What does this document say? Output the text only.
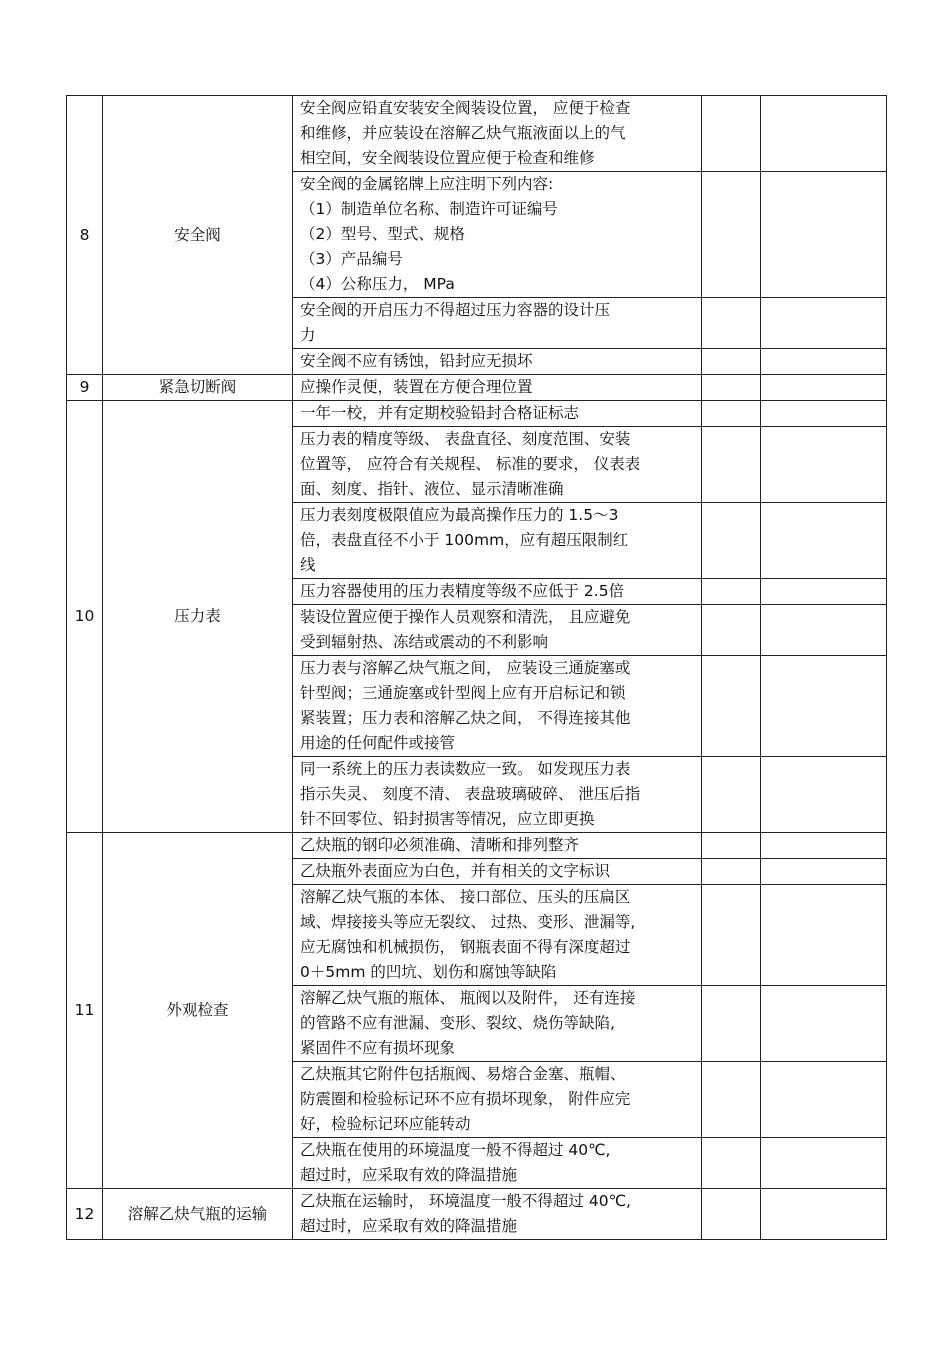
8	安全阀	安全阀应铅直安装安全阀装设位置， 应便于检查
和维修，并应装设在溶解乙炔气瓶液面以上的气
相空间，安全阀装设位置应便于检查和维修		

		安全阀的金属铭牌上应注明下列内容:
（1）制造单位名称、制造许可证编号
（2）型号、型式、规格
（3）产品编号
（4）公称压力， MPa		

		安全阀的开启压力不得超过压力容器的设计压
力		

		安全阀不应有锈蚀，铅封应无损坏		

9	紧急切断阀	应操作灵便，装置在方便合理位置		

10	压力表	一年一校，并有定期校验铅封合格证标志		

		压力表的精度等级、 表盘直径、刻度范围、安装
位置等， 应符合有关规程、 标准的要求， 仪表表
面、刻度、指针、液位、显示清晰准确		

		压力表刻度极限值应为最高操作压力的 1.5～3
倍，表盘直径不小于 100mm，应有超压限制红
线		

		压力容器使用的压力表精度等级不应低于 2.5倍		

		装设位置应便于操作人员观察和清洗， 且应避免
受到辐射热、冻结或震动的不利影响		

		压力表与溶解乙炔气瓶之间， 应装设三通旋塞或
针型阀；三通旋塞或针型阀上应有开启标记和锁
紧装置；压力表和溶解乙炔之间， 不得连接其他
用途的任何配件或接管		

		同一系统上的压力表读数应一致。 如发现压力表
指示失灵、 刻度不清、 表盘玻璃破碎、 泄压后指
针不回零位、铅封损害等情况，应立即更换		

11	外观检查	乙炔瓶的钢印必须准确、清晰和排列整齐		

		乙炔瓶外表面应为白色，并有相关的文字标识		

		溶解乙炔气瓶的本体、 接口部位、压头的压扁区
域、焊接接头等应无裂纹、 过热、变形、泄漏等,
应无腐蚀和机械损伤， 钢瓶表面不得有深度超过
0＋5mm 的凹坑、划伤和腐蚀等缺陷		

		溶解乙炔气瓶的瓶体、 瓶阀以及附件， 还有连接
的管路不应有泄漏、变形、裂纹、烧伤等缺陷,
紧固件不应有损坏现象		

		乙炔瓶其它附件包括瓶阀、易熔合金塞、瓶帽、
防震圈和检验标记环不应有损坏现象， 附件应完
好，检验标记环应能转动		

		乙炔瓶在使用的环境温度一般不得超过 40℃,
超过时，应采取有效的降温措施		

12	溶解乙炔气瓶的运输	乙炔瓶在运输时， 环境温度一般不得超过 40℃,
超过时，应采取有效的降温措施		
